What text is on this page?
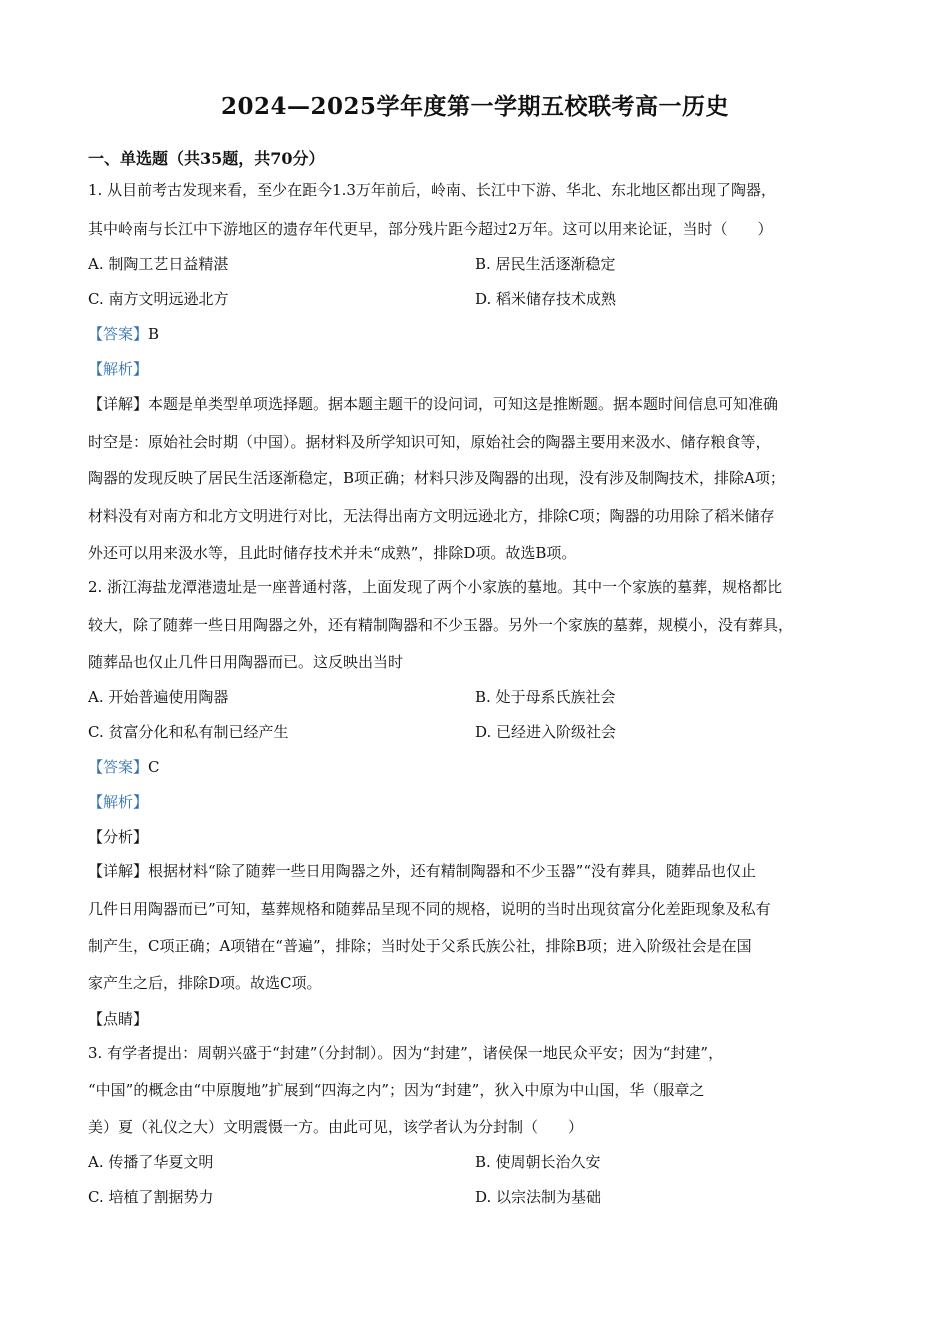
2024—2025学年度第一学期五校联考高一历史
一、单选题（共35题，共70分）
1. 从目前考古发现来看，至少在距今1.3万年前后，岭南、长江中下游、华北、东北地区都出现了陶器，
其中岭南与长江中下游地区的遗存年代更早，部分残片距今超过2万年。这可以用来论证，当时（　　）
A. 制陶工艺日益精湛	B. 居民生活逐渐稳定
C. 南方文明远逊北方	D. 稻米储存技术成熟
【答案】B
【解析】
【详解】本题是单类型单项选择题。据本题主题干的设问词，可知这是推断题。据本题时间信息可知准确
时空是：原始社会时期（中国）。据材料及所学知识可知，原始社会的陶器主要用来汲水、储存粮食等，
陶器的发现反映了居民生活逐渐稳定，B项正确；材料只涉及陶器的出现，没有涉及制陶技术，排除A项；
材料没有对南方和北方文明进行对比，无法得出南方文明远逊北方，排除C项；陶器的功用除了稻米储存
外还可以用来汲水等，且此时储存技术并未“成熟”，排除D项。故选B项。
2. 浙江海盐龙潭港遗址是一座普通村落，上面发现了两个小家族的墓地。其中一个家族的墓葬，规格都比
较大，除了随葬一些日用陶器之外，还有精制陶器和不少玉器。另外一个家族的墓葬，规模小，没有葬具，
随葬品也仅止几件日用陶器而已。这反映出当时
A. 开始普遍使用陶器	B. 处于母系氏族社会
C. 贫富分化和私有制已经产生	D. 已经进入阶级社会
【答案】C
【解析】
【分析】
【详解】根据材料“除了随葬一些日用陶器之外，还有精制陶器和不少玉器”“没有葬具，随葬品也仅止
几件日用陶器而已”可知，墓葬规格和随葬品呈现不同的规格，说明的当时出现贫富分化差距现象及私有
制产生，C项正确；A项错在“普遍”，排除；当时处于父系氏族公社，排除B项；进入阶级社会是在国
家产生之后，排除D项。故选C项。
【点睛】
3. 有学者提出：周朝兴盛于“封建”（分封制）。因为“封建”，诸侯保一地民众平安；因为“封建”，
“中国”的概念由“中原腹地”扩展到“四海之内”；因为“封建”，狄入中原为中山国，华（服章之
美）夏（礼仪之大）文明震慑一方。由此可见，该学者认为分封制（　　）
A. 传播了华夏文明	B. 使周朝长治久安
C. 培植了割据势力	D. 以宗法制为基础
